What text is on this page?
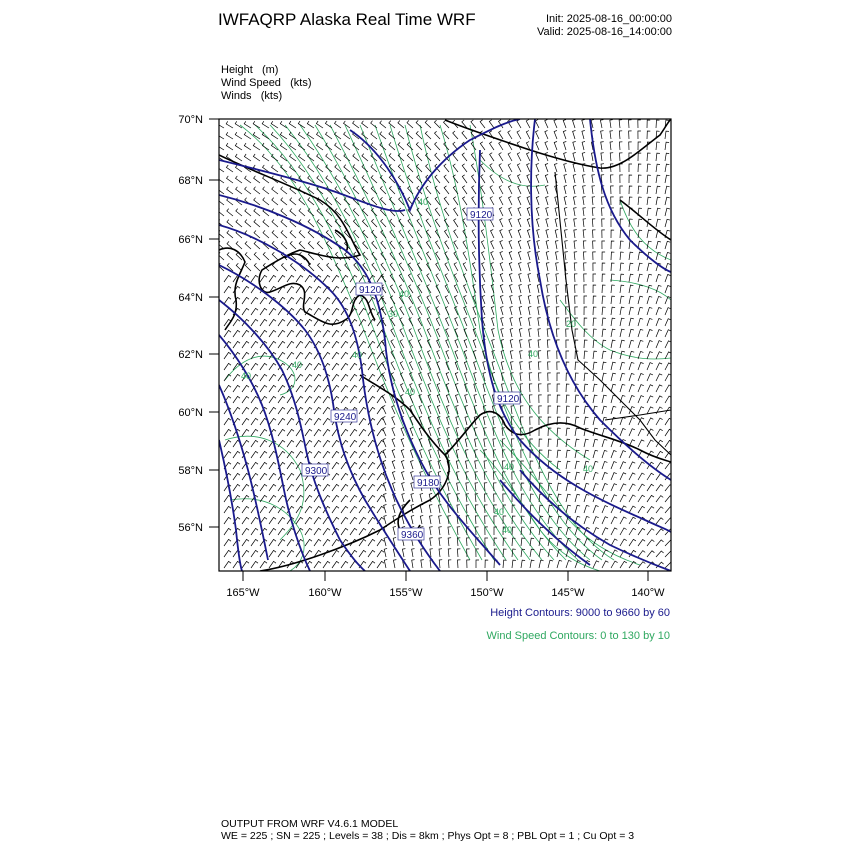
IWFAQRP Alaska Real Time WRF	Init: 2025-08-16_00:00:00
Valid: 2025-08-16_14:00:00
Height   (m)
Wind Speed   (kts)
Winds   (kts)
9120
9120
9120
9240
9300
9180
9360
40
40
30
40
40
40
40
20
40	40
40
40
40
70°N
68°N
66°N
64°N
62°N
60°N
58°N
56°N
165°W	160°W	155°W	150°W	145°W	140°W
Height Contours: 9000 to 9660 by 60
Wind Speed Contours: 0 to 130 by 10
OUTPUT FROM WRF V4.6.1 MODEL
WE = 225 ; SN = 225 ; Levels = 38 ; Dis = 8km ; Phys Opt = 8 ; PBL Opt = 1 ; Cu Opt = 3
